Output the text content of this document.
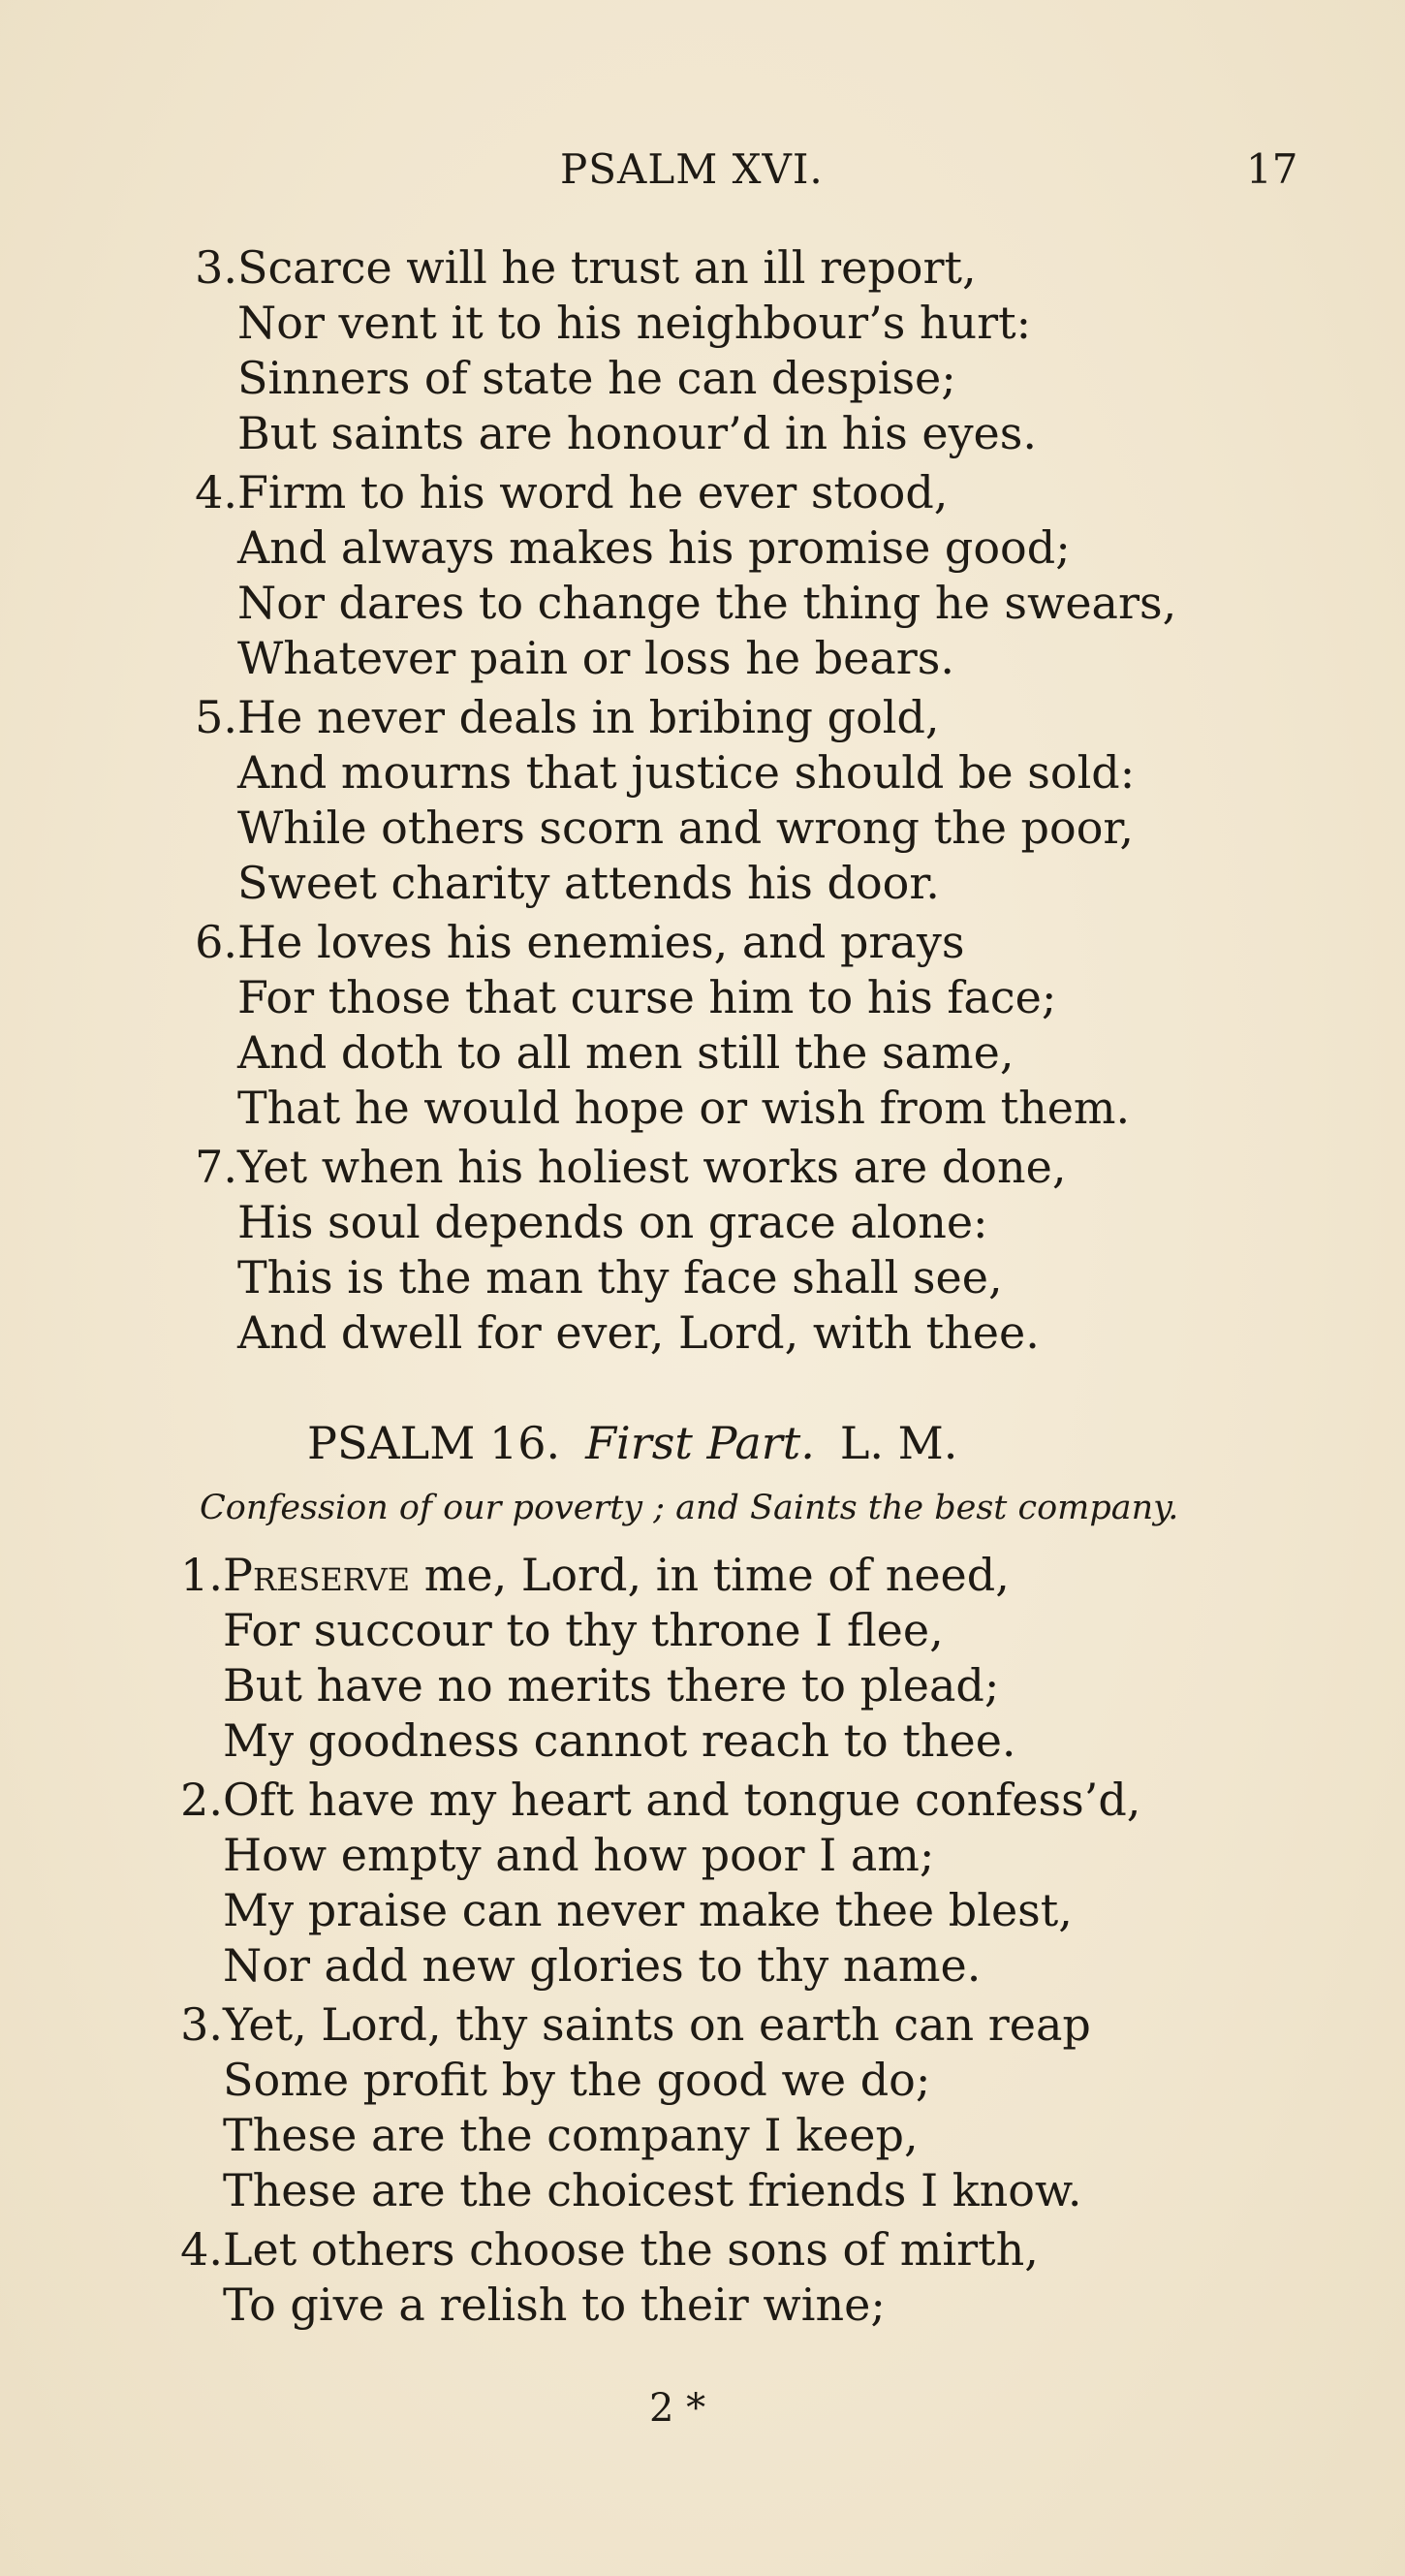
PSALM XVI.	17
3. Scarce will he trust an ill report,
Nor vent it to his neighbour’s hurt:
Sinners of state he can despise;
But saints are honour’d in his eyes.
4. Firm to his word he ever stood,
And always makes his promise good;
Nor dares to change the thing he swears,
Whatever pain or loss he bears.
5. He never deals in bribing gold,
And mourns that justice should be sold:
While others scorn and wrong the poor,
Sweet charity attends his door.
6. He loves his enemies, and prays
For those that curse him to his face;
And doth to all men still the same,
That he would hope or wish from them.
7. Yet when his holiest works are done,
His soul depends on grace alone:
This is the man thy face shall see,
And dwell for ever, Lord, with thee.
PSALM 16. First Part. L. M.
Confession of our poverty ; and Saints the best company.
1. Preserve me, Lord, in time of need,
For succour to thy throne I flee,
But have no merits there to plead;
My goodness cannot reach to thee.
2. Oft have my heart and tongue confess’d,
How empty and how poor I am;
My praise can never make thee blest,
Nor add new glories to thy name.
3. Yet, Lord, thy saints on earth can reap
Some profit by the good we do;
These are the company I keep,
These are the choicest friends I know.
4. Let others choose the sons of mirth,
To give a relish to their wine;
2 *
